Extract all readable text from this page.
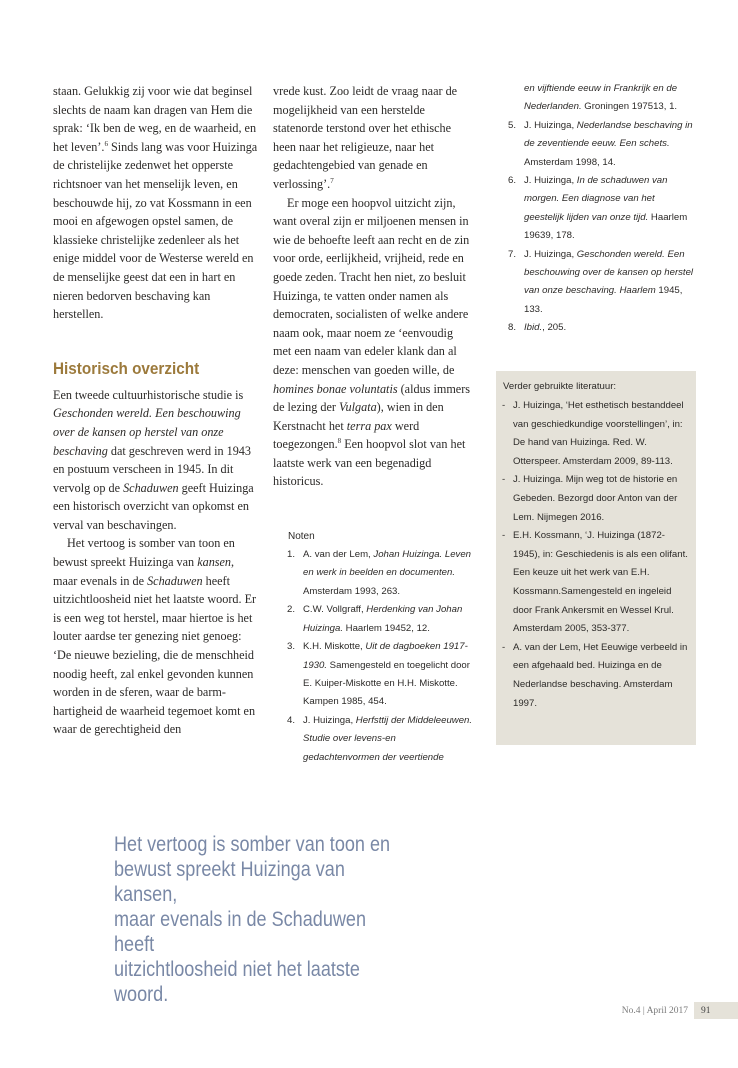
staan. Gelukkig zij voor wie dat beginsel slechts de naam kan dragen van Hem die sprak: ‘Ik ben de weg, en de waarheid, en het leven’.$^6$ Sinds lang was voor Huizinga de christelijke zedenwet het opperste richtsnoer van het menselijk leven, en beschouwde hij, zo vat Kossmann in een mooi en afgewogen opstel samen, de klassieke christelijke zedenleer als het enige middel voor de Westerse wereld en de menselijke geest dat een in hart en nieren bedorven beschaving kan herstellen.

Historisch overzicht

Een tweede cultuurhistorische studie is Geschonden wereld. Een beschouwing over de kansen op herstel van onze beschaving dat geschreven werd in 1943 en postuum verscheen in 1945. In dit vervolg op de Schaduwen geeft Huizinga een historisch overzicht van opkomst en verval van beschavingen.

Het vertoog is somber van toon en bewust spreekt Huizinga van kansen, maar evenals in de Schaduwen heeft uitzichtloosheid niet het laatste woord. Er is een weg tot herstel, maar hiertoe is het louter aardse ter genezing niet genoeg: ‘De nieuwe bezieling, die de menschheid noodig heeft, zal enkel gevonden kunnen worden in de sferen, waar de barmhartigheid de waarheid tegemoet komt en waar de gerechtigheid den

vrede kust. Zoo leidt de vraag naar de mogelijkheid van een herstelde statenorde terstond over het ethische heen naar het religieuze, naar het gedachtengebied van genade en verlossing’.$^7$

Er moge een hoopvol uitzicht zijn, want overal zijn er miljoenen mensen in wie de behoefte leeft aan recht en de zin voor orde, eerlijkheid, vrijheid, rede en goede zeden. Tracht hen niet, zo besluit Huizinga, te vatten onder namen als democraten, socialisten of welke andere naam ook, maar noem ze ‘eenvoudig met een naam van edeler klank dan al deze: menschen van goeden wille, de homines bonae voluntatis (aldus immers de lezing der Vulgata), wien in den Kerstnacht het terra pax werd toegezongen.$^8$ Een hoopvol slot van het laatste werk van een begenadigd historicus.

Noten
1. A. van der Lem, Johan Huizinga. Leven en werk in beelden en documenten. Amsterdam 1993, 263.
2. C.W. Vollgraff, Herdenking van Johan Huizinga. Haarlem 19452, 12.
3. K.H. Miskotte, Uit de dagboeken 1917-1930. Samengesteld en toegelicht door E. Kuiper-Miskotte en H.H. Miskotte. Kampen 1985, 454.
4. J. Huizinga, Herfsttij der Middeleeuwen. Studie over levens-en gedachtenvormen der veertiende
en vijftiende eeuw in Frankrijk en de Nederlanden. Groningen 197513, 1.
5. J. Huizinga, Nederlandse beschaving in de zeventiende eeuw. Een schets. Amsterdam 1998, 14.
6. J. Huizinga, In de schaduwen van morgen. Een diagnose van het geestelijk lijden van onze tijd. Haarlem 19639, 178.
7. J. Huizinga, Geschonden wereld. Een beschouwing over de kansen op herstel van onze beschaving. Haarlem 1945, 133.
8. Ibid., 205.
Verder gebruikte literatuur:
- J. Huizinga, ‘Het esthetisch bestanddeel van geschiedkundige voorstellingen’, in: De hand van Huizinga. Red. W. Otterspeer. Amsterdam 2009, 89-113.
- J. Huizinga. Mijn weg tot de historie en Gebeden. Bezorgd door Anton van der Lem. Nijmegen 2016.
- E.H. Kossmann, ‘J. Huizinga (1872-1945), in: Geschiedenis is als een olifant. Een keuze uit het werk van E.H. Kossmann.Samengesteld en ingeleid door Frank Ankersmit en Wessel Krul. Amsterdam 2005, 353-377.
- A. van der Lem, Het Eeuwige verbeeld in een afgehaald bed. Huizinga en de Nederlandse beschaving. Amsterdam 1997.

Het vertoog is somber van toon en
bewust spreekt Huizinga van kansen,
maar evenals in de Schaduwen heeft
uitzichtloosheid niet het laatste woord.

No.4 | April 2017	91
